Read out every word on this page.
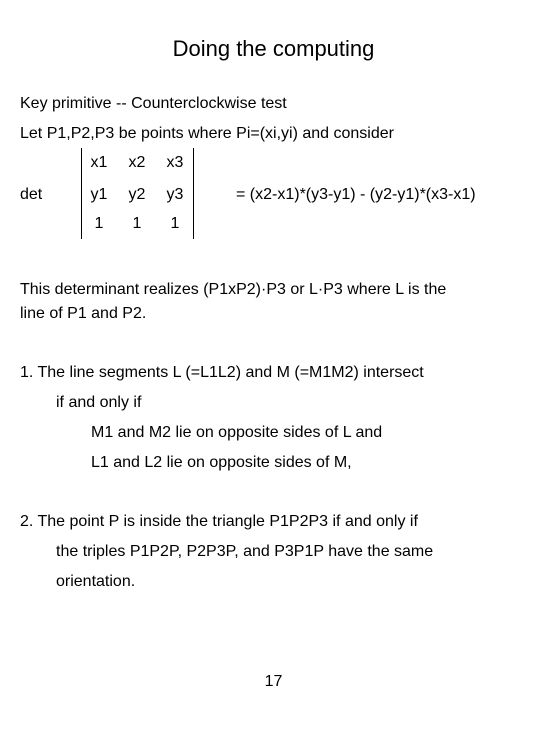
Doing the computing
Key primitive -- Counterclockwise test
Let P1,P2,P3 be points where Pi=(xi,yi) and consider
det
x1	x2	x3
y1	y2	y3
1	1	1
= (x2-x1)*(y3-y1) - (y2-y1)*(x3-x1)
This determinant realizes (P1xP2)·P3 or L·P3 where L is the
line of P1 and P2.
1. The line segments L (=L1L2) and M (=M1M2) intersect
if and only if
M1 and M2 lie on opposite sides of L and
L1 and L2 lie on opposite sides of M,
2. The point P is inside the triangle P1P2P3 if and only if
the triples P1P2P, P2P3P, and P3P1P have the same
orientation.
17
